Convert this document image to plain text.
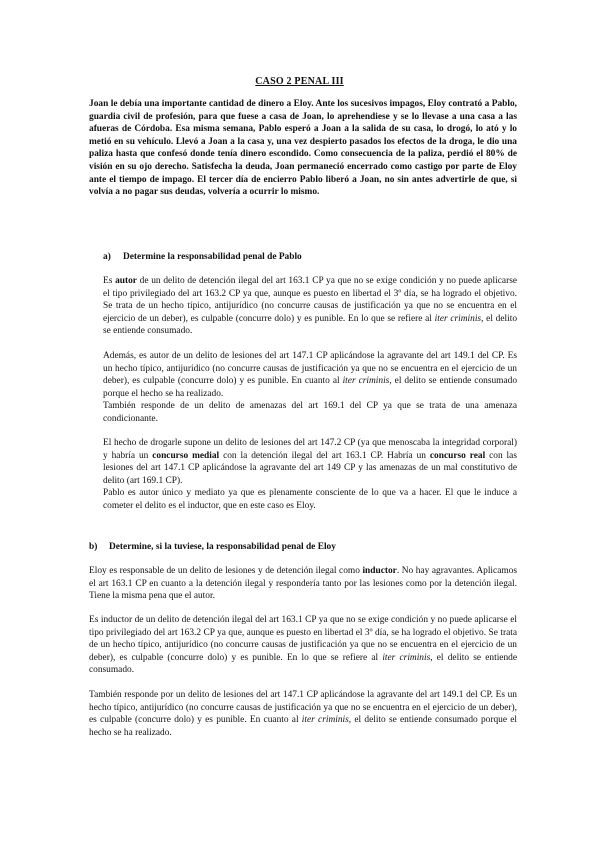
CASO 2 PENAL III

Joan le debía una importante cantidad de dinero a Eloy. Ante los sucesivos impagos, Eloy contrató a Pablo, guardia civil de profesión, para que fuese a casa de Joan, lo aprehendiese y se lo llevase a una casa a las afueras de Córdoba. Esa misma semana, Pablo esperó a Joan a la salida de su casa, lo drogó, lo ató y lo metió en su vehículo. Llevó a Joan a la casa y, una vez despierto pasados los efectos de la droga, le dio una paliza hasta que confesó donde tenía dinero escondido. Como consecuencia de la paliza, perdió el 80% de visión en su ojo derecho. Satisfecha la deuda, Joan permaneció encerrado como castigo por parte de Eloy ante el tiempo de impago. El tercer día de encierro Pablo liberó a Joan, no sin antes advertirle de que, si volvía a no pagar sus deudas, volvería a ocurrir lo mismo.

a) Determine la responsabilidad penal de Pablo

Es autor de un delito de detención ilegal del art 163.1 CP ya que no se exige condición y no puede aplicarse el tipo privilegiado del art 163.2 CP ya que, aunque es puesto en libertad el 3º día, se ha logrado el objetivo. Se trata de un hecho típico, antijurídico (no concurre causas de justificación ya que no se encuentra en el ejercicio de un deber), es culpable (concurre dolo) y es punible. En lo que se refiere al iter criminis, el delito se entiende consumado.

Además, es autor de un delito de lesiones del art 147.1 CP aplicándose la agravante del art 149.1 del CP. Es un hecho típico, antijurídico (no concurre causas de justificación ya que no se encuentra en el ejercicio de un deber), es culpable (concurre dolo) y es punible. En cuanto al iter criminis, el delito se entiende consumado porque el hecho se ha realizado.

También responde de un delito de amenazas del art 169.1 del CP ya que se trata de una amenaza condicionante.

El hecho de drogarle supone un delito de lesiones del art 147.2 CP (ya que menoscaba la integridad corporal) y habría un concurso medial con la detención ilegal del art 163.1 CP. Habría un concurso real con las lesiones del art 147.1 CP aplicándose la agravante del art 149 CP y las amenazas de un mal constitutivo de delito (art 169.1 CP).

Pablo es autor único y mediato ya que es plenamente consciente de lo que va a hacer. El que le induce a cometer el delito es el inductor, que en este caso es Eloy.

b) Determine, si la tuviese, la responsabilidad penal de Eloy

Eloy es responsable de un delito de lesiones y de detención ilegal como inductor. No hay agravantes. Aplicamos el art 163.1 CP en cuanto a la detención ilegal y respondería tanto por las lesiones como por la detención ilegal. Tiene la misma pena que el autor.

Es inductor de un delito de detención ilegal del art 163.1 CP ya que no se exige condición y no puede aplicarse el tipo privilegiado del art 163.2 CP ya que, aunque es puesto en libertad el 3º día, se ha logrado el objetivo. Se trata de un hecho típico, antijurídico (no concurre causas de justificación ya que no se encuentra en el ejercicio de un deber), es culpable (concurre dolo) y es punible. En lo que se refiere al iter criminis, el delito se entiende consumado.

También responde por un delito de lesiones del art 147.1 CP aplicándose la agravante del art 149.1 del CP. Es un hecho típico, antijurídico (no concurre causas de justificación ya que no se encuentra en el ejercicio de un deber), es culpable (concurre dolo) y es punible. En cuanto al iter criminis, el delito se entiende consumado porque el hecho se ha realizado.
